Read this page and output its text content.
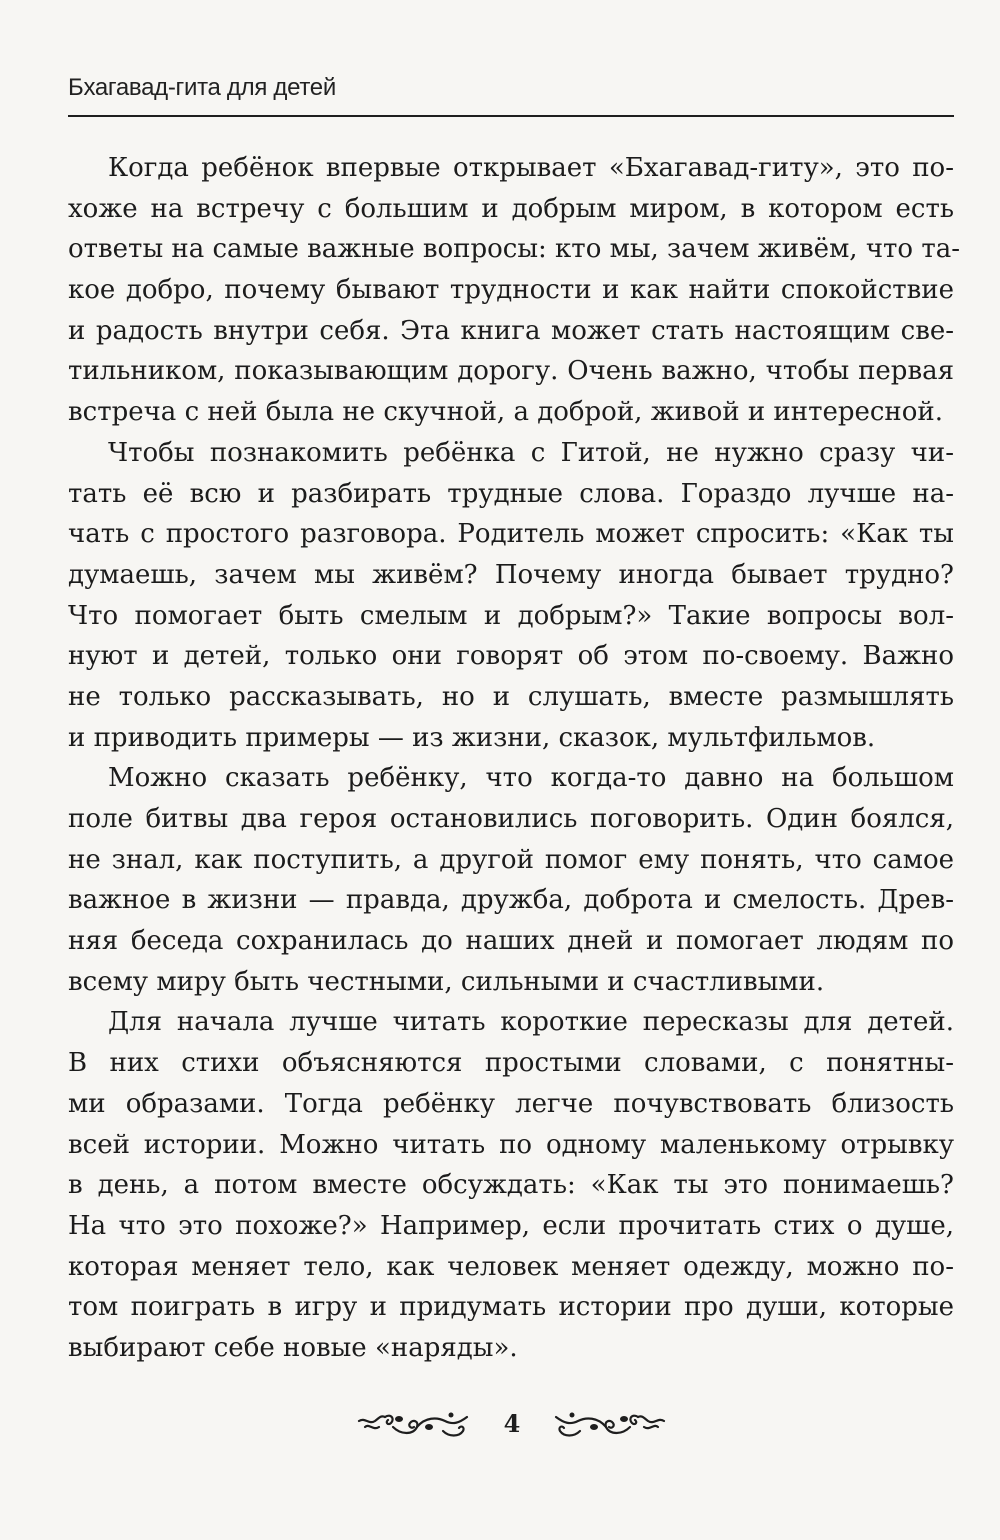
Бхагавад-гита для детей
Когда ребёнок впервые открывает «Бхагавад-гиту», это по-
хоже на встречу с большим и добрым миром, в котором есть
ответы на самые важные вопросы: кто мы, зачем живём, что та-
кое добро, почему бывают трудности и как найти спокойствие
и радость внутри себя. Эта книга может стать настоящим све-
тильником, показывающим дорогу. Очень важно, чтобы первая
встреча с ней была не скучной, а доброй, живой и интересной.
Чтобы познакомить ребёнка с Гитой, не нужно сразу чи-
тать её всю и разбирать трудные слова. Гораздо лучше на-
чать с простого разговора. Родитель может спросить: «Как ты
думаешь, зачем мы живём? Почему иногда бывает трудно?
Что помогает быть смелым и добрым?» Такие вопросы вол-
нуют и детей, только они говорят об этом по-своему. Важно
не только рассказывать, но и слушать, вместе размышлять
и приводить примеры — из жизни, сказок, мультфильмов.
Можно сказать ребёнку, что когда-то давно на большом
поле битвы два героя остановились поговорить. Один боялся,
не знал, как поступить, а другой помог ему понять, что самое
важное в жизни — правда, дружба, доброта и смелость. Древ-
няя беседа сохранилась до наших дней и помогает людям по
всему миру быть честными, сильными и счастливыми.
Для начала лучше читать короткие пересказы для детей.
В них стихи объясняются простыми словами, с понятны-
ми образами. Тогда ребёнку легче почувствовать близость
всей истории. Можно читать по одному маленькому отрывку
в день, а потом вместе обсуждать: «Как ты это понимаешь?
На что это похоже?» Например, если прочитать стих о душе,
которая меняет тело, как человек меняет одежду, можно по-
том поиграть в игру и придумать истории про души, которые
выбирают себе новые «наряды».
4
